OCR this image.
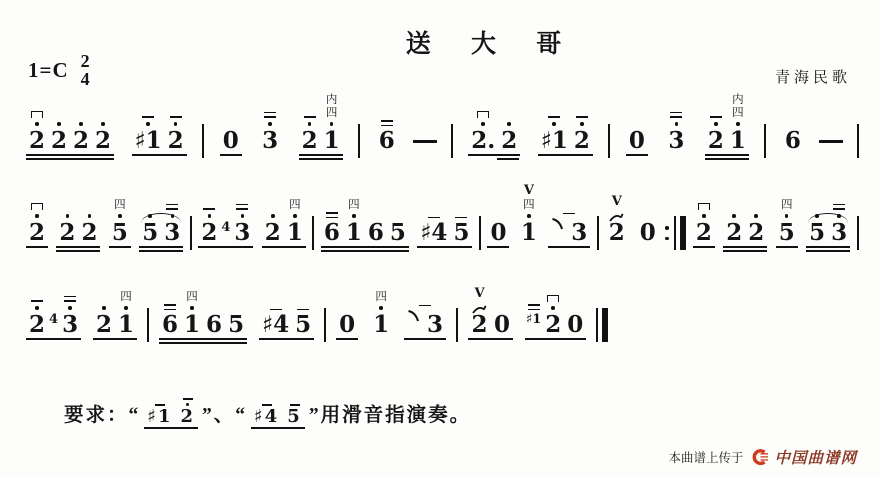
送 大 哥
1=C 2
4	青海民歌
2 2 2 2 ♯1 2 0 3 2
内
四
1 6	2. 2 ♯1 2 0 3 2
内
四
1 6
2 2 2
四
5 5 3 2 4 3 2
四
1 6
四
1 6 5 ♯4 5 0
V
四
1 3
V
2 0 2 2 2
四
5 5 3
2 4 3 2
四
1 6
四
1 6 5 ♯4 5 0
四
1 3
V
2 0 ♯1 2 0
要求：“ ♯1 2 ”、“ ♯4 5 ”用滑音指演奏。
本曲谱上传于 中国曲谱网
